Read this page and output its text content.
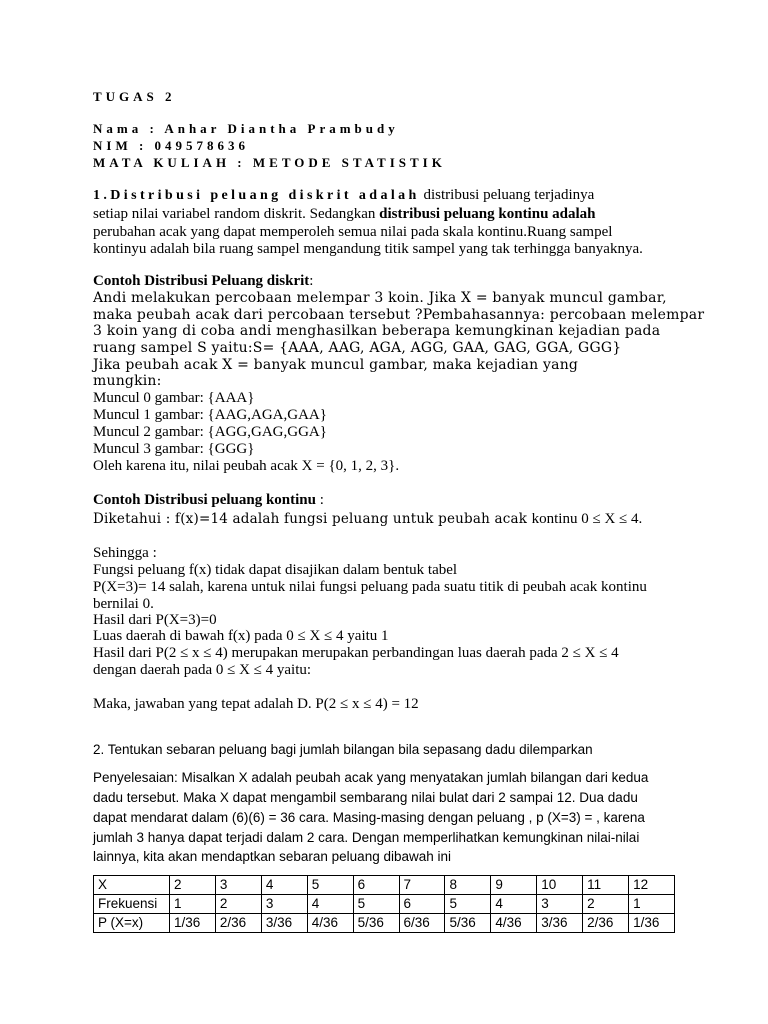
TUGAS 2
Nama : Anhar Diantha Prambudy
NIM : 049578636
MATA KULIAH : METODE STATISTIK
1.Distribusi peluang diskrit adalah distribusi peluang terjadinya
setiap nilai variabel random diskrit. Sedangkan distribusi peluang kontinu adalah
perubahan acak yang dapat memperoleh semua nilai pada skala kontinu.Ruang sampel
kontinyu adalah bila ruang sampel mengandung titik sampel yang tak terhingga banyaknya.
Contoh Distribusi Peluang diskrit:
Andi melakukan percobaan melempar 3 koin. Jika X = banyak muncul gambar,
maka peubah acak dari percobaan tersebut ?Pembahasannya: percobaan melempar
3 koin yang di coba andi menghasilkan beberapa kemungkinan kejadian pada
ruang sampel S yaitu:S= {AAA, AAG, AGA, AGG, GAA, GAG, GGA, GGG}
Jika peubah acak X = banyak muncul gambar, maka kejadian yang
mungkin:
Muncul 0 gambar: {AAA}
Muncul 1 gambar: {AAG,AGA,GAA}
Muncul 2 gambar: {AGG,GAG,GGA}
Muncul 3 gambar: {GGG}
Oleh karena itu, nilai peubah acak X = {0, 1, 2, 3}.
Contoh Distribusi peluang kontinu :
Diketahui : f(x)=14 adalah fungsi peluang untuk peubah acak kontinu 0 ≤ X ≤ 4.
Sehingga :
Fungsi peluang f(x) tidak dapat disajikan dalam bentuk tabel
P(X=3)= 14 salah, karena untuk nilai fungsi peluang pada suatu titik di peubah acak kontinu
bernilai 0.
Hasil dari P(X=3)=0
Luas daerah di bawah f(x) pada 0 ≤ X ≤ 4 yaitu 1
Hasil dari P(2 ≤ x ≤ 4) merupakan merupakan perbandingan luas daerah pada 2 ≤ X ≤ 4
dengan daerah pada 0 ≤ X ≤ 4 yaitu:
Maka, jawaban yang tepat adalah D. P(2 ≤ x ≤ 4) = 12
2. Tentukan sebaran peluang bagi jumlah bilangan bila sepasang dadu dilemparkan
Penyelesaian: Misalkan X adalah peubah acak yang menyatakan jumlah bilangan dari kedua
dadu tersebut. Maka X dapat mengambil sembarang nilai bulat dari 2 sampai 12. Dua dadu
dapat mendarat dalam (6)(6) = 36 cara. Masing-masing dengan peluang , p (X=3) = , karena
jumlah 3 hanya dapat terjadi dalam 2 cara. Dengan memperlihatkan kemungkinan nilai-nilai
lainnya, kita akan mendaptkan sebaran peluang dibawah ini
X	2	3	4	5	6	7	8	9	10	11	12
Frekuensi	1	2	3	4	5	6	5	4	3	2	1
P (X=x)	1/36	2/36	3/36	4/36	5/36	6/36	5/36	4/36	3/36	2/36	1/36
